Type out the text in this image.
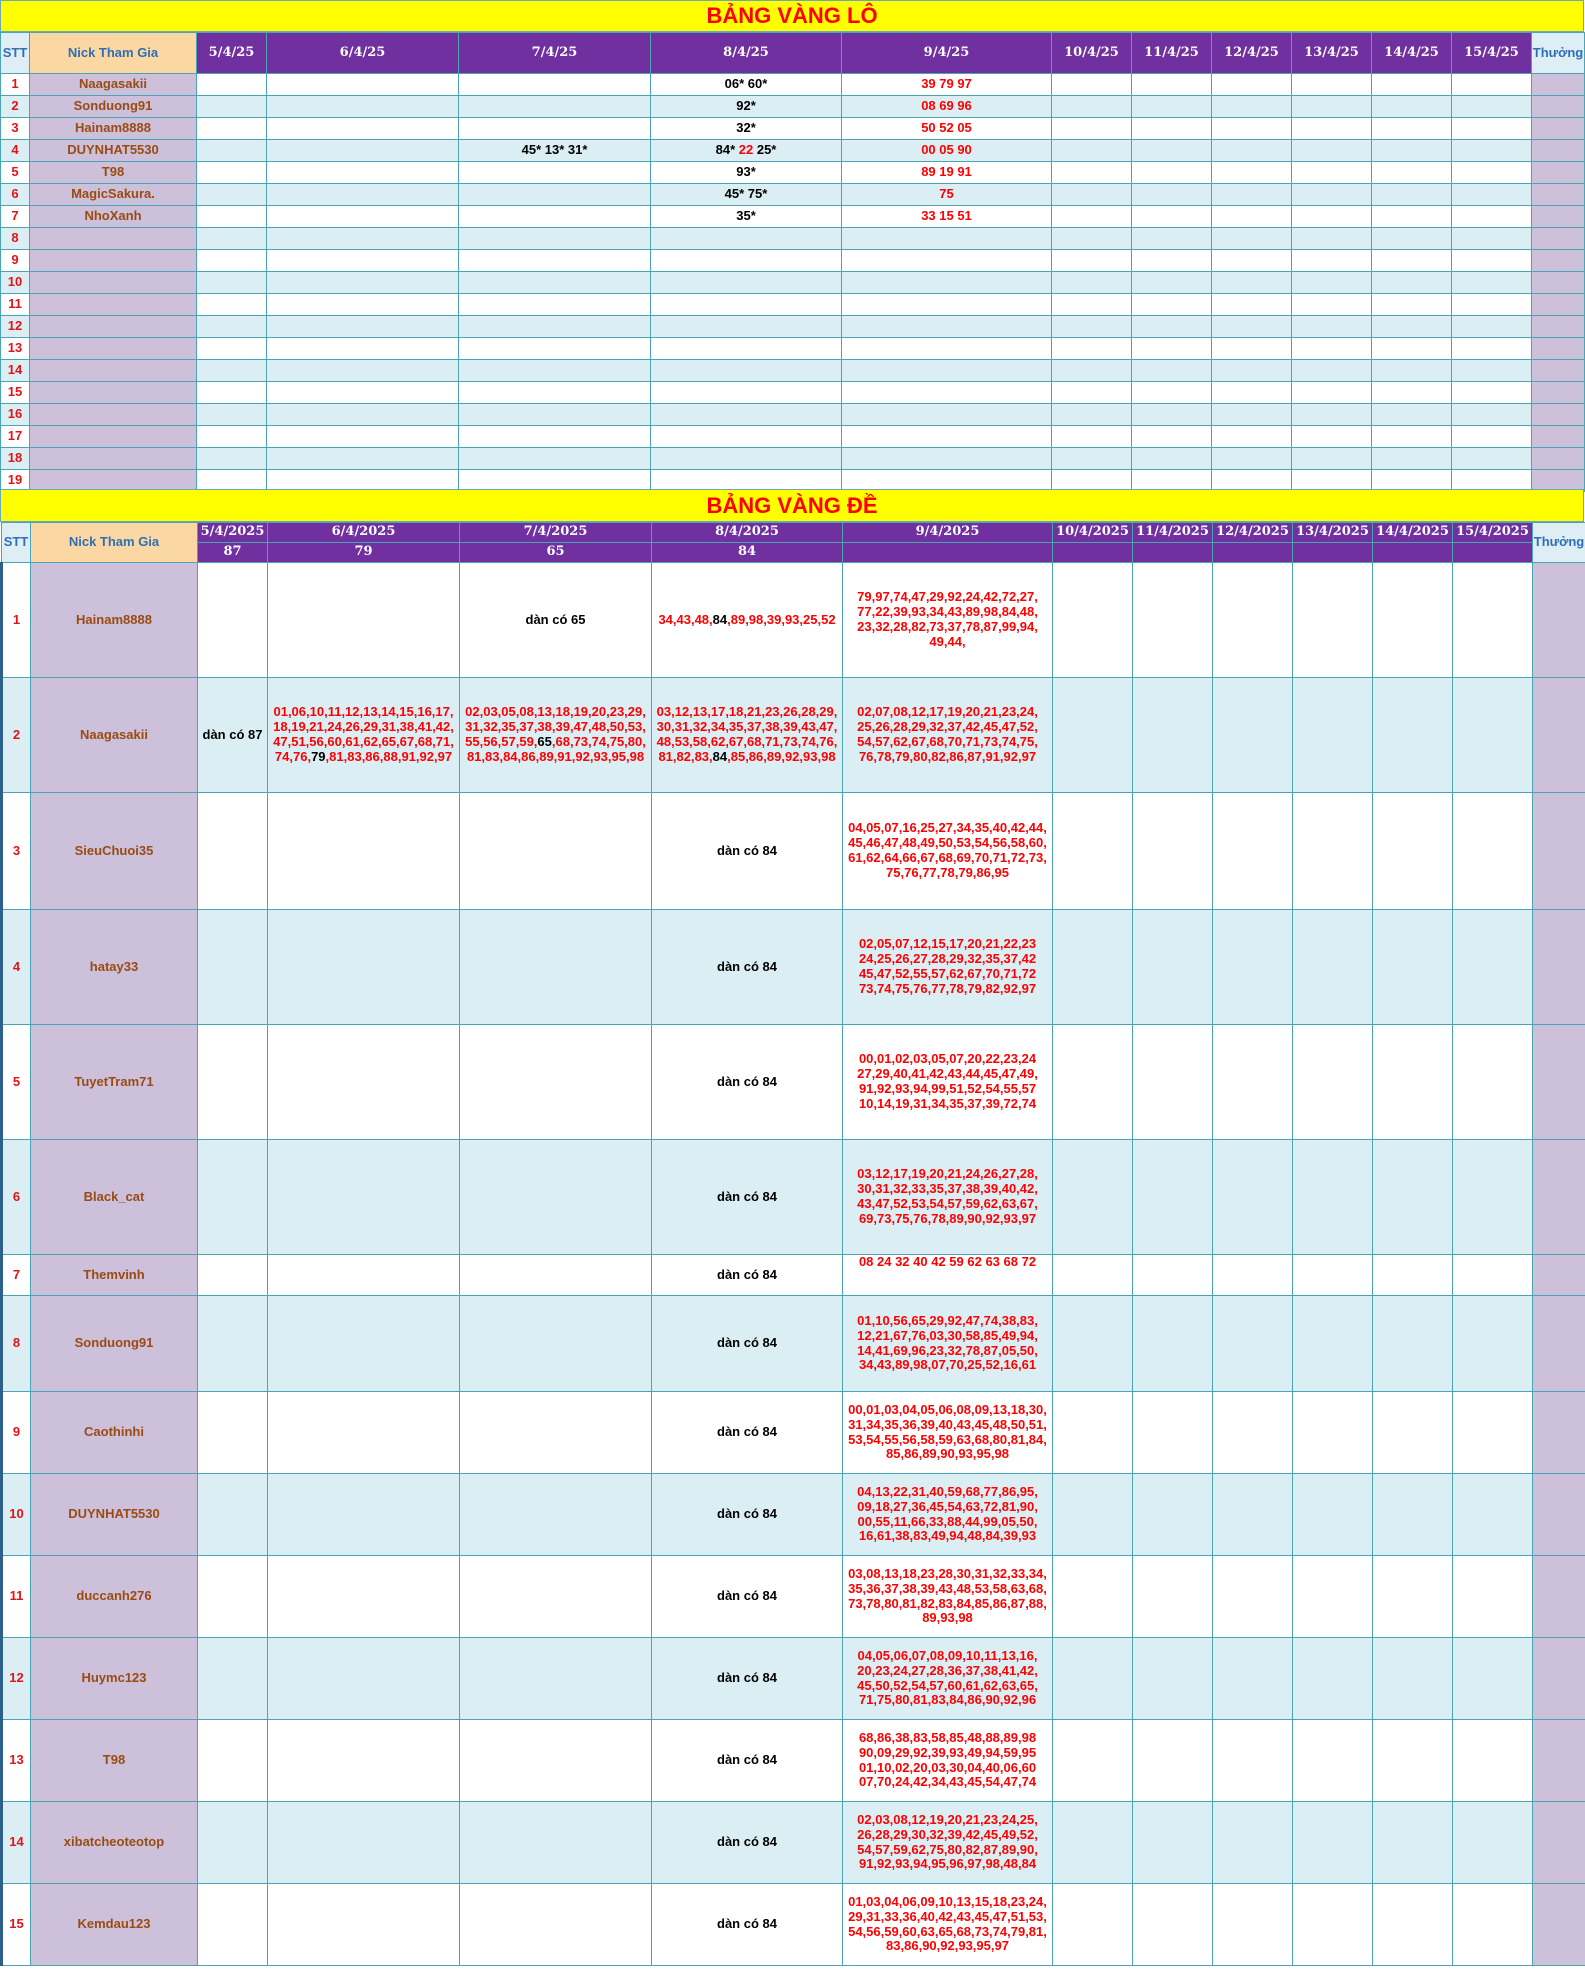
BẢNG VÀNG LÔ
STT	Nick Tham Gia	5/4/25	6/4/25	7/4/25	8/4/25	9/4/25	10/4/25	11/4/25	12/4/25	13/4/25	14/4/25	15/4/25	Thưởng
1	Naagasakii				06* 60*	39 79 97							
2	Sonduong91				92*	08 69 96							
3	Hainam8888				32*	50 52 05							
4	DUYNHAT5530			45* 13* 31*	84* 22 25*	00 05 90							
5	T98				93*	89 19 91							
6	MagicSakura.				45* 75*	75							
7	NhoXanh				35*	33 15 51							
8													
9													
10													
11													
12													
13													
14													
15													
16													
17													
18													
19													
BẢNG VÀNG ĐỀ
STT	Nick Tham Gia	5/4/2025	6/4/2025	7/4/2025	8/4/2025	9/4/2025	10/4/2025	11/4/2025	12/4/2025	13/4/2025	14/4/2025	15/4/2025	Thưởng
		87	79	65	84								
1	Hainam8888			dàn có 65	34,43,48,84,89,98,39,93,25,52	79,97,74,47,29,92,24,42,72,27,
77,22,39,93,34,43,89,98,84,48,
23,32,28,82,73,37,78,87,99,94,
49,44,							
2	Naagasakii	dàn có 87	01,06,10,11,12,13,14,15,16,17,
18,19,21,24,26,29,31,38,41,42,
47,51,56,60,61,62,65,67,68,71,
74,76,79,81,83,86,88,91,92,97	02,03,05,08,13,18,19,20,23,29,
31,32,35,37,38,39,47,48,50,53,
55,56,57,59,65,68,73,74,75,80,
81,83,84,86,89,91,92,93,95,98	03,12,13,17,18,21,23,26,28,29,
30,31,32,34,35,37,38,39,43,47,
48,53,58,62,67,68,71,73,74,76,
81,82,83,84,85,86,89,92,93,98	02,07,08,12,17,19,20,21,23,24,
25,26,28,29,32,37,42,45,47,52,
54,57,62,67,68,70,71,73,74,75,
76,78,79,80,82,86,87,91,92,97							
3	SieuChuoi35				dàn có 84	04,05,07,16,25,27,34,35,40,42,44,
45,46,47,48,49,50,53,54,56,58,60,
61,62,64,66,67,68,69,70,71,72,73,
75,76,77,78,79,86,95							
4	hatay33				dàn có 84	02,05,07,12,15,17,20,21,22,23
24,25,26,27,28,29,32,35,37,42
45,47,52,55,57,62,67,70,71,72
73,74,75,76,77,78,79,82,92,97							
5	TuyetTram71				dàn có 84	00,01,02,03,05,07,20,22,23,24
27,29,40,41,42,43,44,45,47,49,
91,92,93,94,99,51,52,54,55,57
10,14,19,31,34,35,37,39,72,74							
6	Black_cat				dàn có 84	03,12,17,19,20,21,24,26,27,28,
30,31,32,33,35,37,38,39,40,42,
43,47,52,53,54,57,59,62,63,67,
69,73,75,76,78,89,90,92,93,97							
7	Themvinh				dàn có 84	08 24 32 40 42 59 62 63 68 72							
8	Sonduong91				dàn có 84	01,10,56,65,29,92,47,74,38,83,
12,21,67,76,03,30,58,85,49,94,
14,41,69,96,23,32,78,87,05,50,
34,43,89,98,07,70,25,52,16,61							
9	Caothinhi				dàn có 84	00,01,03,04,05,06,08,09,13,18,30,
31,34,35,36,39,40,43,45,48,50,51,
53,54,55,56,58,59,63,68,80,81,84,
85,86,89,90,93,95,98							
10	DUYNHAT5530				dàn có 84	04,13,22,31,40,59,68,77,86,95,
09,18,27,36,45,54,63,72,81,90,
00,55,11,66,33,88,44,99,05,50,
16,61,38,83,49,94,48,84,39,93							
11	duccanh276				dàn có 84	03,08,13,18,23,28,30,31,32,33,34,
35,36,37,38,39,43,48,53,58,63,68,
73,78,80,81,82,83,84,85,86,87,88,
89,93,98							
12	Huymc123				dàn có 84	04,05,06,07,08,09,10,11,13,16,
20,23,24,27,28,36,37,38,41,42,
45,50,52,54,57,60,61,62,63,65,
71,75,80,81,83,84,86,90,92,96							
13	T98				dàn có 84	68,86,38,83,58,85,48,88,89,98
90,09,29,92,39,93,49,94,59,95
01,10,02,20,03,30,04,40,06,60
07,70,24,42,34,43,45,54,47,74							
14	xibatcheoteotop				dàn có 84	02,03,08,12,19,20,21,23,24,25,
26,28,29,30,32,39,42,45,49,52,
54,57,59,62,75,80,82,87,89,90,
91,92,93,94,95,96,97,98,48,84							
15	Kemdau123				dàn có 84	01,03,04,06,09,10,13,15,18,23,24,
29,31,33,36,40,42,43,45,47,51,53,
54,56,59,60,63,65,68,73,74,79,81,
83,86,90,92,93,95,97							
